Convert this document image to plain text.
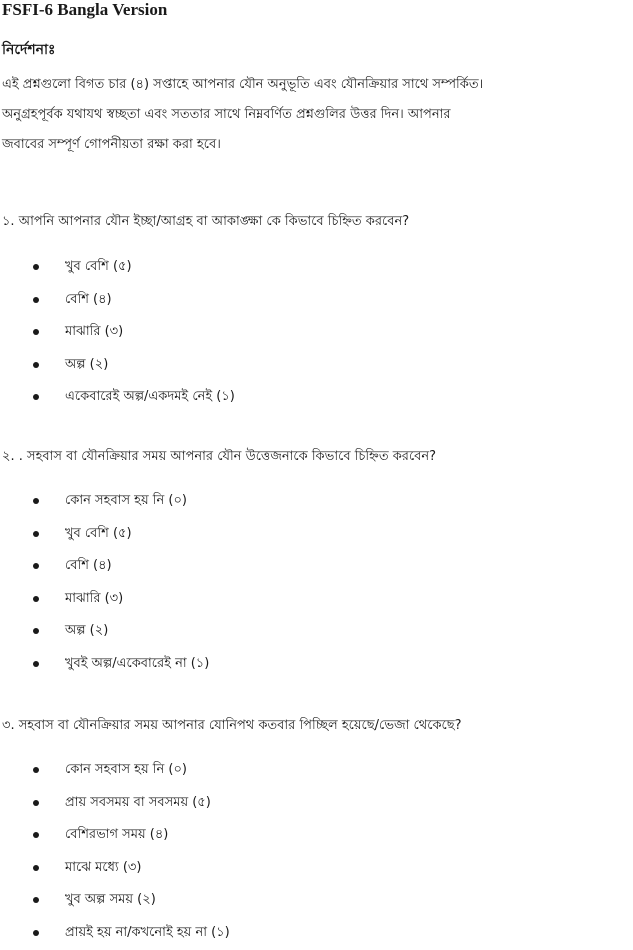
FSFI-6 Bangla Version
নির্দেশনাঃ
এই প্রশ্নগুলো বিগত চার (৪) সপ্তাহে আপনার যৌন অনুভূতি এবং যৌনক্রিয়ার সাথে সম্পর্কিত।
অনুগ্রহপূর্বক যথাযথ স্বচ্ছতা এবং সততার সাথে নিম্নবর্ণিত প্রশ্নগুলির উত্তর দিন। আপনার
জবাবের সম্পূর্ণ গোপনীয়তা রক্ষা করা হবে।
১. আপনি আপনার যৌন ইচ্ছা/আগ্রহ বা আকাঙ্ক্ষা কে কিভাবে চিহ্নিত করবেন?
খুব বেশি (৫)
বেশি (৪)
মাঝারি (৩)
অল্প (২)
একেবারেই অল্প/একদমই নেই (১)
২. . সহবাস বা যৌনক্রিয়ার সময় আপনার যৌন উত্তেজনাকে কিভাবে চিহ্নিত করবেন?
কোন সহবাস হয় নি (০)
খুব বেশি (৫)
বেশি (৪)
মাঝারি (৩)
অল্প (২)
খুবই অল্প/একেবারেই না (১)
৩. সহবাস বা যৌনক্রিয়ার সময় আপনার যোনিপথ কতবার পিচ্ছিল হয়েছে/ভেজা থেকেছে?
কোন সহবাস হয় নি (০)
প্রায় সবসময় বা সবসময় (৫)
বেশিরভাগ সময় (৪)
মাঝে মধ্যে (৩)
খুব অল্প সময় (২)
প্রায়ই হয় না/কখনোই হয় না (১)
